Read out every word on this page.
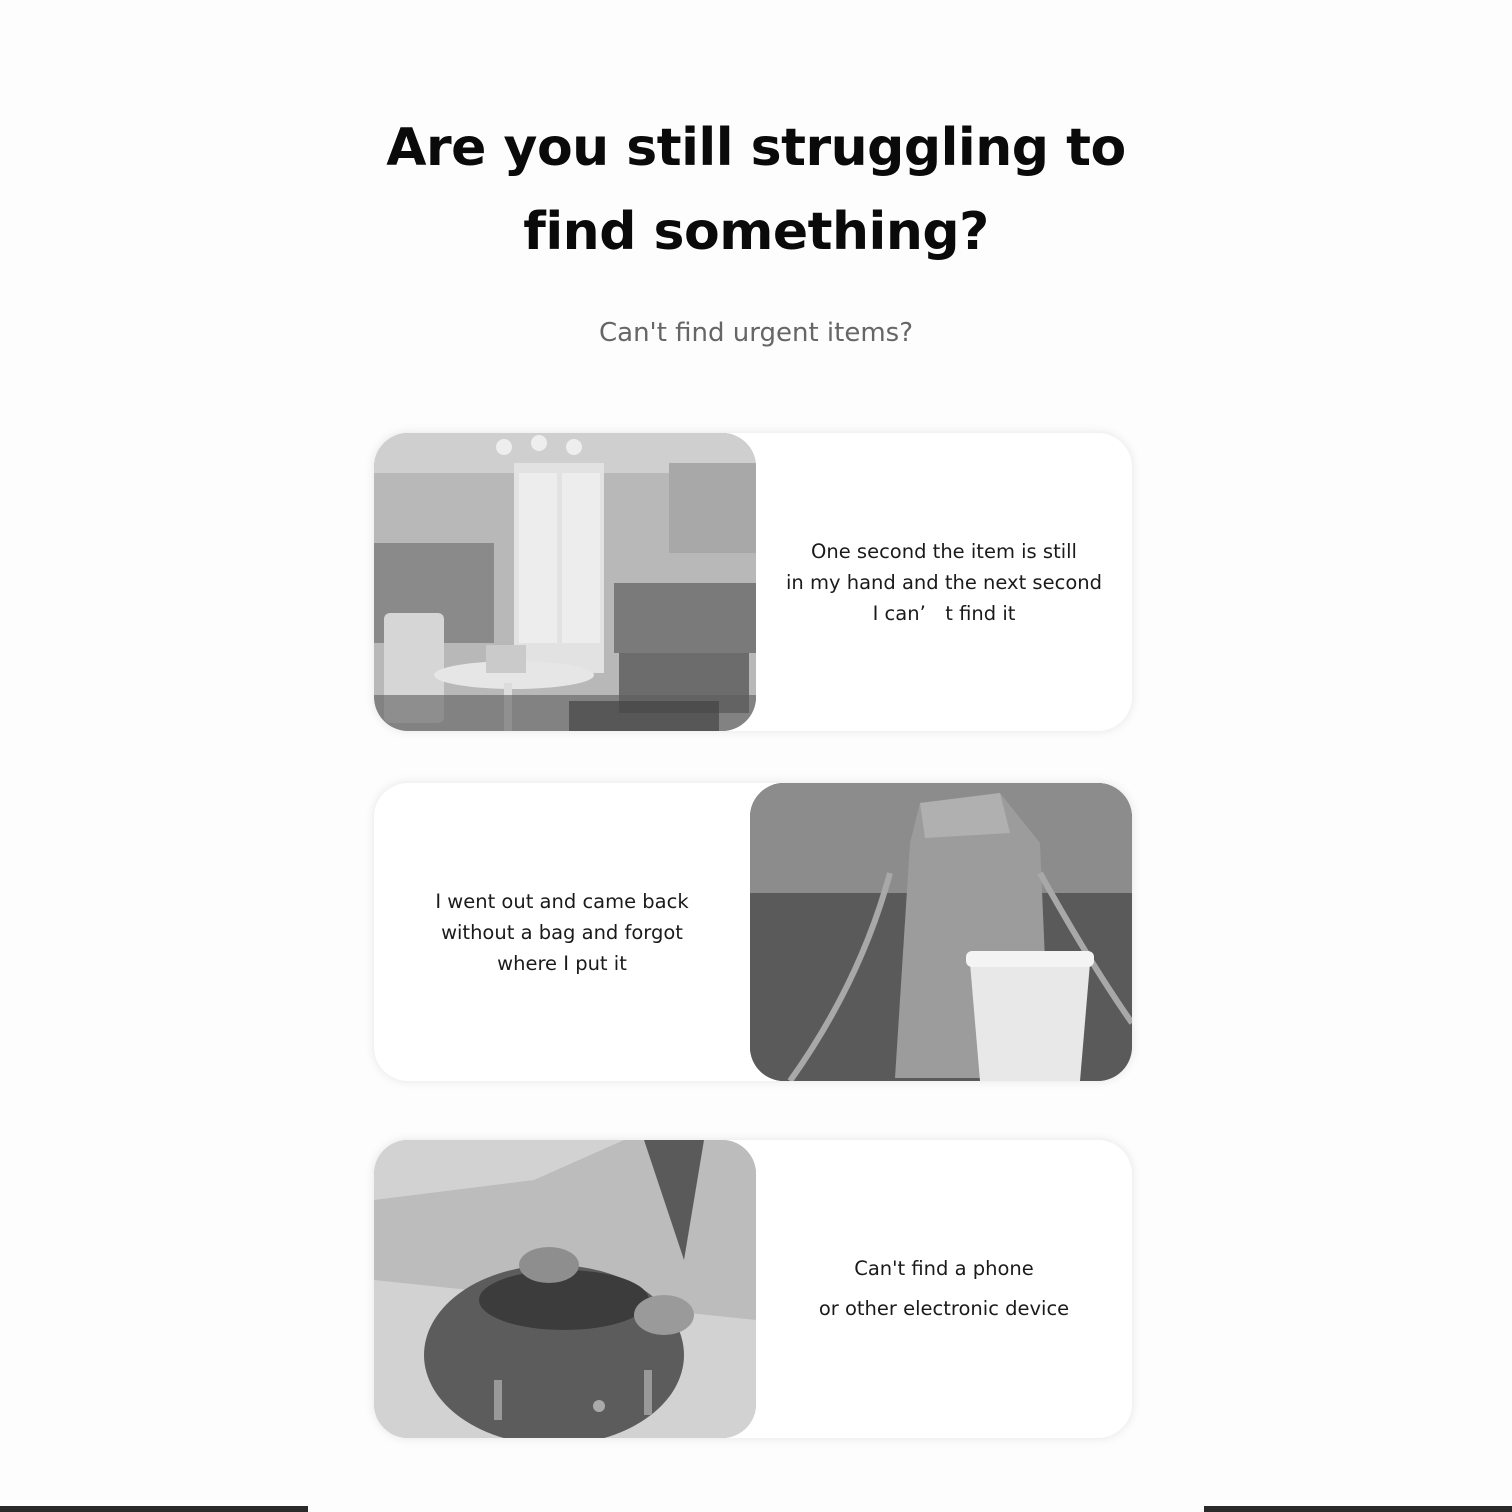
Are you still struggling to
find something?

Can't find urgent items?

One second the item is still
in my hand and the next second
I can’　t find it
I went out and came back
without a bag and forgot
where I put it
Can't find a phone
or other electronic device
